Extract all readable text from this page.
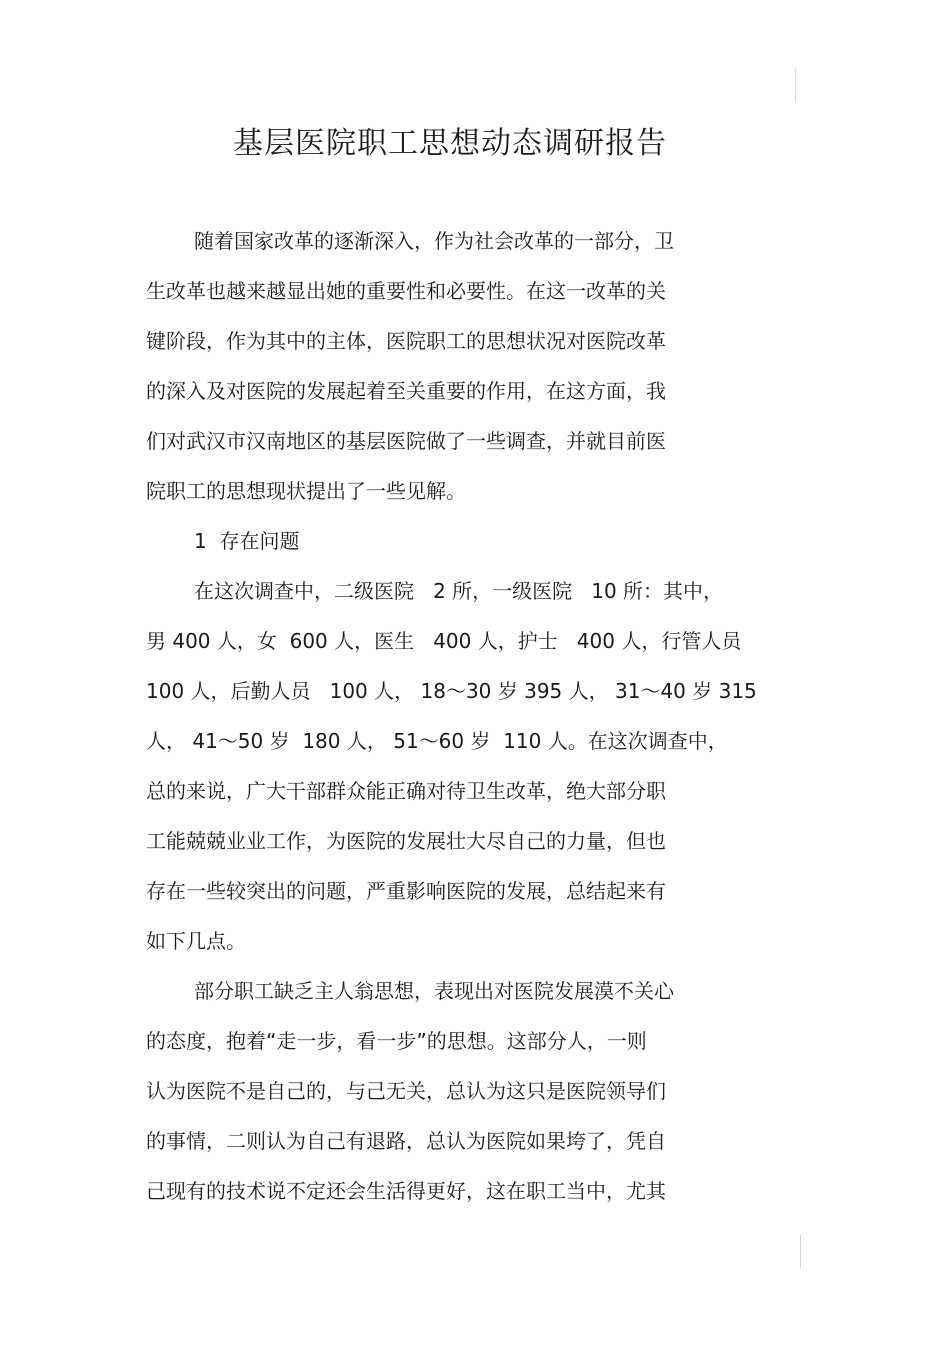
基层医院职工思想动态调研报告
随着国家改革的逐渐深入，作为社会改革的一部分，卫
生改革也越来越显出她的重要性和必要性。在这一改革的关
键阶段，作为其中的主体，医院职工的思想状况对医院改革
的深入及对医院的发展起着至关重要的作用，在这方面，我
们对武汉市汉南地区的基层医院做了一些调查，并就目前医
院职工的思想现状提出了一些见解。
1  存在问题
在这次调查中，二级医院   2 所，一级医院   10 所：其中，
男 400 人，女  600 人，医生   400 人，护士   400 人，行管人员
100 人，后勤人员   100 人， 18～30 岁 395 人， 31～40 岁 315
人， 41～50 岁  180 人， 51～60 岁  110 人。在这次调查中，
总的来说，广大干部群众能正确对待卫生改革，绝大部分职
工能兢兢业业工作，为医院的发展壮大尽自己的力量，但也
存在一些较突出的问题，严重影响医院的发展，总结起来有
如下几点。
部分职工缺乏主人翁思想，表现出对医院发展漠不关心
的态度，抱着“走一步，看一步”的思想。这部分人，一则
认为医院不是自己的，与己无关，总认为这只是医院领导们
的事情，二则认为自己有退路，总认为医院如果垮了，凭自
己现有的技术说不定还会生活得更好，这在职工当中，尤其
